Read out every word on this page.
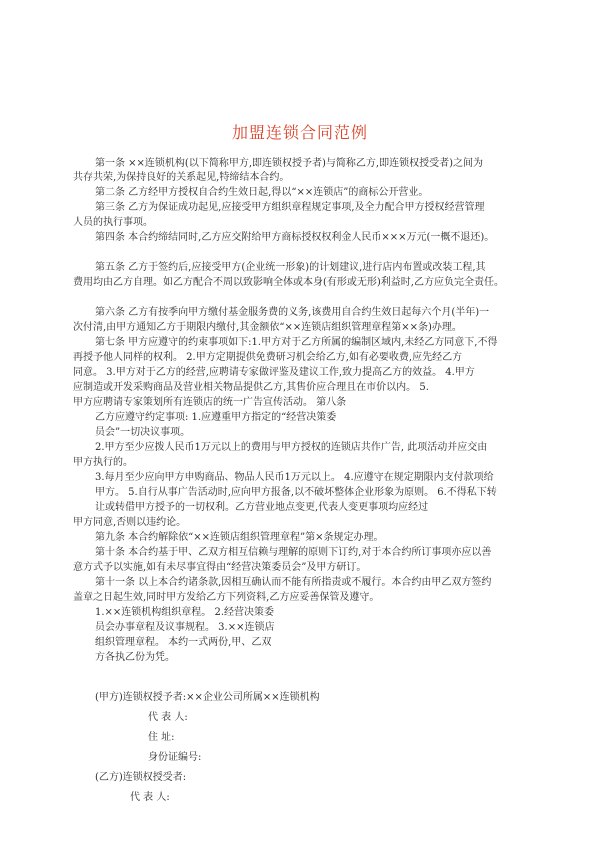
加盟连锁合同范例
第一条 ××连锁机构(以下简称甲方,即连锁权授予者)与简称乙方,即连锁权授受者)之间为
共存共荣,为保持良好的关系起见,特缔结本合约。
第二条 乙方经甲方授权自合约生效日起,得以“××连锁店”的商标公开营业。
第三条 乙方为保证成功起见,应接受甲方组织章程规定事项,及全力配合甲方授权经营管理
人员的执行事项。
第四条 本合约缔结同时,乙方应交附给甲方商标授权权利金人民币×××万元(一概不退还)。
第五条 乙方于签约后,应接受甲方(企业统一形象)的计划建议,进行店内布置或改装工程,其
费用均由乙方自理。如乙方配合不周以致影响全体或本身(有形或无形)利益时,乙方应负完全责任。
第六条 乙方有按季向甲方缴付基金服务费的义务,该费用自合约生效日起每六个月(半年)一
次付清,由甲方通知乙方于期限内缴付,其金额依“××连锁店组织管理章程第××条)办理。
第七条 甲方应遵守的约束事项如下:1.甲方对于乙方所属的编制区域内,未经乙方同意下,不得
再授予他人同样的权利。 2.甲方定期提供免费研习机会给乙方,如有必要收费,应先经乙方
同意。 3.甲方对于乙方的经营,应聘请专家做评鉴及建议工作,致力提高乙方的效益。 4.甲方
应制造或开发采购商品及营业相关物品提供乙方,其售价应合理且在市价以内。 5.
甲方应聘请专家策划所有连锁店的统一广告宣传活动。 第八条
乙方应遵守约定事项: 1.应遵重甲方指定的“经营决策委
员会”一切决议事项。
2.甲方至少应拨人民币1万元以上的费用与甲方授权的连锁店共作广告, 此项活动并应交由
甲方执行的。
3.每月至少应向甲方申购商品、物品人民币1万元以上。 4.应遵守在规定期限内支付款项给
甲方。 5.自行从事广告活动时,应向甲方报备,以不破坏整体企业形象为原则。 6.不得私下转
让或转借甲方授予的一切权利。乙方营业地点变更,代表人变更事项均应经过
甲方同意,否则以违约论。
第九条 本合约解除依“××连锁店组织管理章程”第×条规定办理。
第十条 本合约基于甲、乙双方相互信赖与理解的原则下订约,对于本合约所订事项亦应以善
意方式予以实施,如有未尽事宜得由“经营决策委员会”及甲方研订。
第十一条 以上本合约诸条款,因相互确认而不能有所指责或不履行。本合约由甲乙双方签约
盖章之日起生效,同时甲方发给乙方下列资料,乙方应妥善保管及遵守。
1.××连锁机构组织章程。 2.经营决策委
员会办事章程及议事规程。 3.××连锁店
组织管理章程。 本约一式两份,甲、乙双
方各执乙份为凭。
(甲方)连锁权授予者:××企业公司所属××连锁机构
代 表 人:
住 址:
身份证编号:
(乙方)连锁权授受者:
代 表 人:
